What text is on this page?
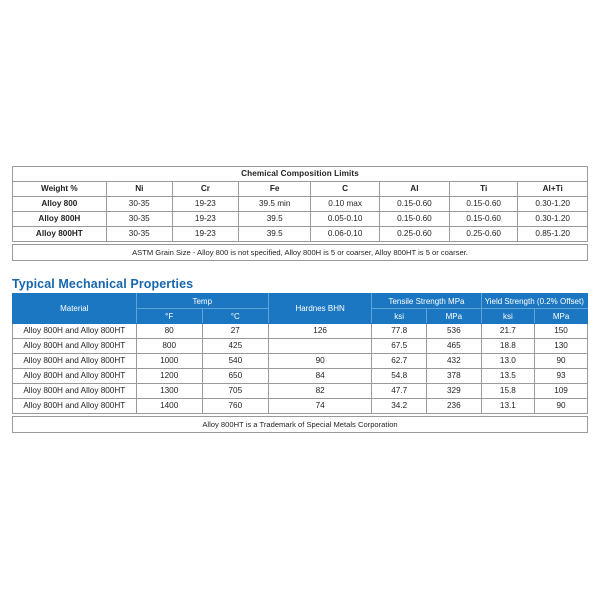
Chemical Composition Limits							
Weight %	Ni	Cr	Fe	C	Al	Ti	Al+Ti
Alloy 800	30-35	19-23	39.5 min	0.10 max	0.15-0.60	0.15-0.60	0.30-1.20
Alloy 800H	30-35	19-23	39.5	0.05-0.10	0.15-0.60	0.15-0.60	0.30-1.20
Alloy 800HT	30-35	19-23	39.5	0.06-0.10	0.25-0.60	0.25-0.60	0.85-1.20

ASTM Grain Size - Alloy 800 is not specified, Alloy 800H is 5 or coarser, Alloy 800HT is 5 or coarser.							
Typical Mechanical Properties
Material	Temp		Hardnes BHN	Tensile Strength MPa		Yield Strength (0.2% Offset)	
	°F	°C		ksi	MPa	ksi	MPa
Alloy 800H and Alloy 800HT	80	27	126	77.8	536	21.7	150
Alloy 800H and Alloy 800HT	800	425		67.5	465	18.8	130
Alloy 800H and Alloy 800HT	1000	540	90	62.7	432	13.0	90
Alloy 800H and Alloy 800HT	1200	650	84	54.8	378	13.5	93
Alloy 800H and Alloy 800HT	1300	705	82	47.7	329	15.8	109
Alloy 800H and Alloy 800HT	1400	760	74	34.2	236	13.1	90

Alloy 800HT is a Trademark of Special Metals Corporation							
